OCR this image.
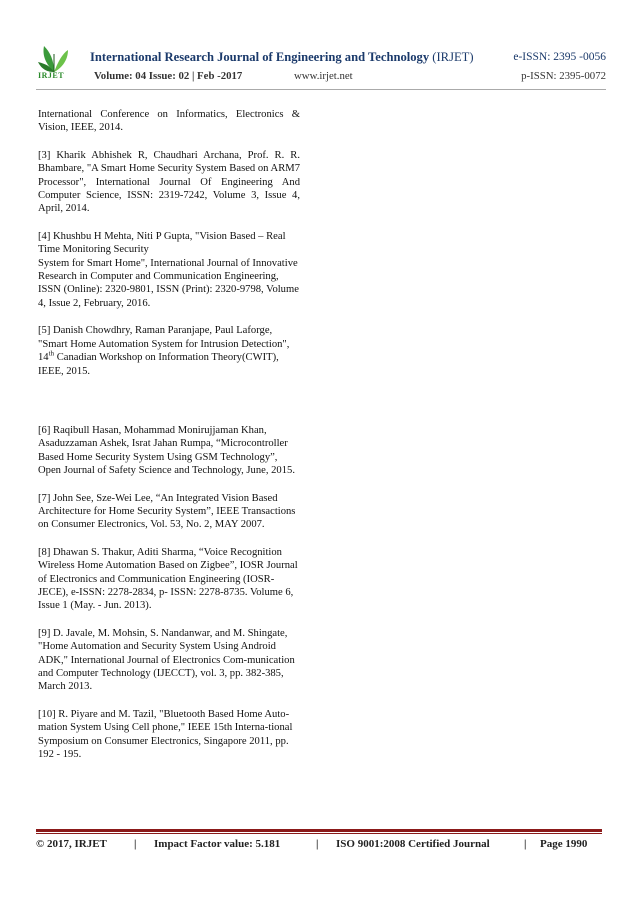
IRJET
International Research Journal of Engineering and Technology (IRJET)	e-ISSN: 2395 -0056
Volume: 04 Issue: 02 | Feb -2017	www.irjet.net	p-ISSN: 2395-0072

International Conference on Informatics, Electronics & Vision, IEEE, 2014.

[3] Kharik Abhishek R, Chaudhari Archana, Prof. R. R. Bhambare, "A Smart Home Security System Based on ARM7 Processor", International Journal Of Engineering And Computer Science, ISSN: 2319-7242, Volume 3, Issue 4, April, 2014.

[4] Khushbu H Mehta, Niti P Gupta, "Vision Based – Real Time Monitoring Security
System for Smart Home", International Journal of Innovative Research in Computer and Communication Engineering, ISSN (Online): 2320-9801, ISSN (Print): 2320-9798, Volume 4, Issue 2, February, 2016.

[5] Danish Chowdhry, Raman Paranjape, Paul Laforge, "Smart Home Automation System for Intrusion Detection", 14th Canadian Workshop on Information Theory(CWIT), IEEE, 2015.

[6] Raqibull Hasan, Mohammad Monirujjaman Khan, Asaduzzaman Ashek, Israt Jahan Rumpa, “Microcontroller Based Home Security System Using GSM Technology”, Open Journal of Safety Science and Technology, June, 2015.

[7] John See, Sze-Wei Lee, “An Integrated Vision Based Architecture for Home Security System”, IEEE Transactions on Consumer Electronics, Vol. 53, No. 2, MAY 2007.

[8] Dhawan S. Thakur, Aditi Sharma, “Voice Recognition Wireless Home Automation Based on Zigbee”, IOSR Journal of Electronics and Communication Engineering (IOSR-JECE), e-ISSN: 2278-2834, p- ISSN: 2278-8735. Volume 6, Issue 1 (May. - Jun. 2013).

[9] D. Javale, M. Mohsin, S. Nandanwar, and M. Shingate, "Home Automation and Security System Using Android ADK," International Journal of Electronics Com-munication and Computer Technology (IJECCT), vol. 3, pp. 382-385, March 2013.

[10] R. Piyare and M. Tazil, "Bluetooth Based Home Auto-mation System Using Cell phone," IEEE 15th Interna-tional Symposium on Consumer Electronics, Singapore 2011, pp. 192 - 195.

© 2017, IRJET | Impact Factor value: 5.181	| ISO 9001:2008 Certified Journal	| Page 1990
